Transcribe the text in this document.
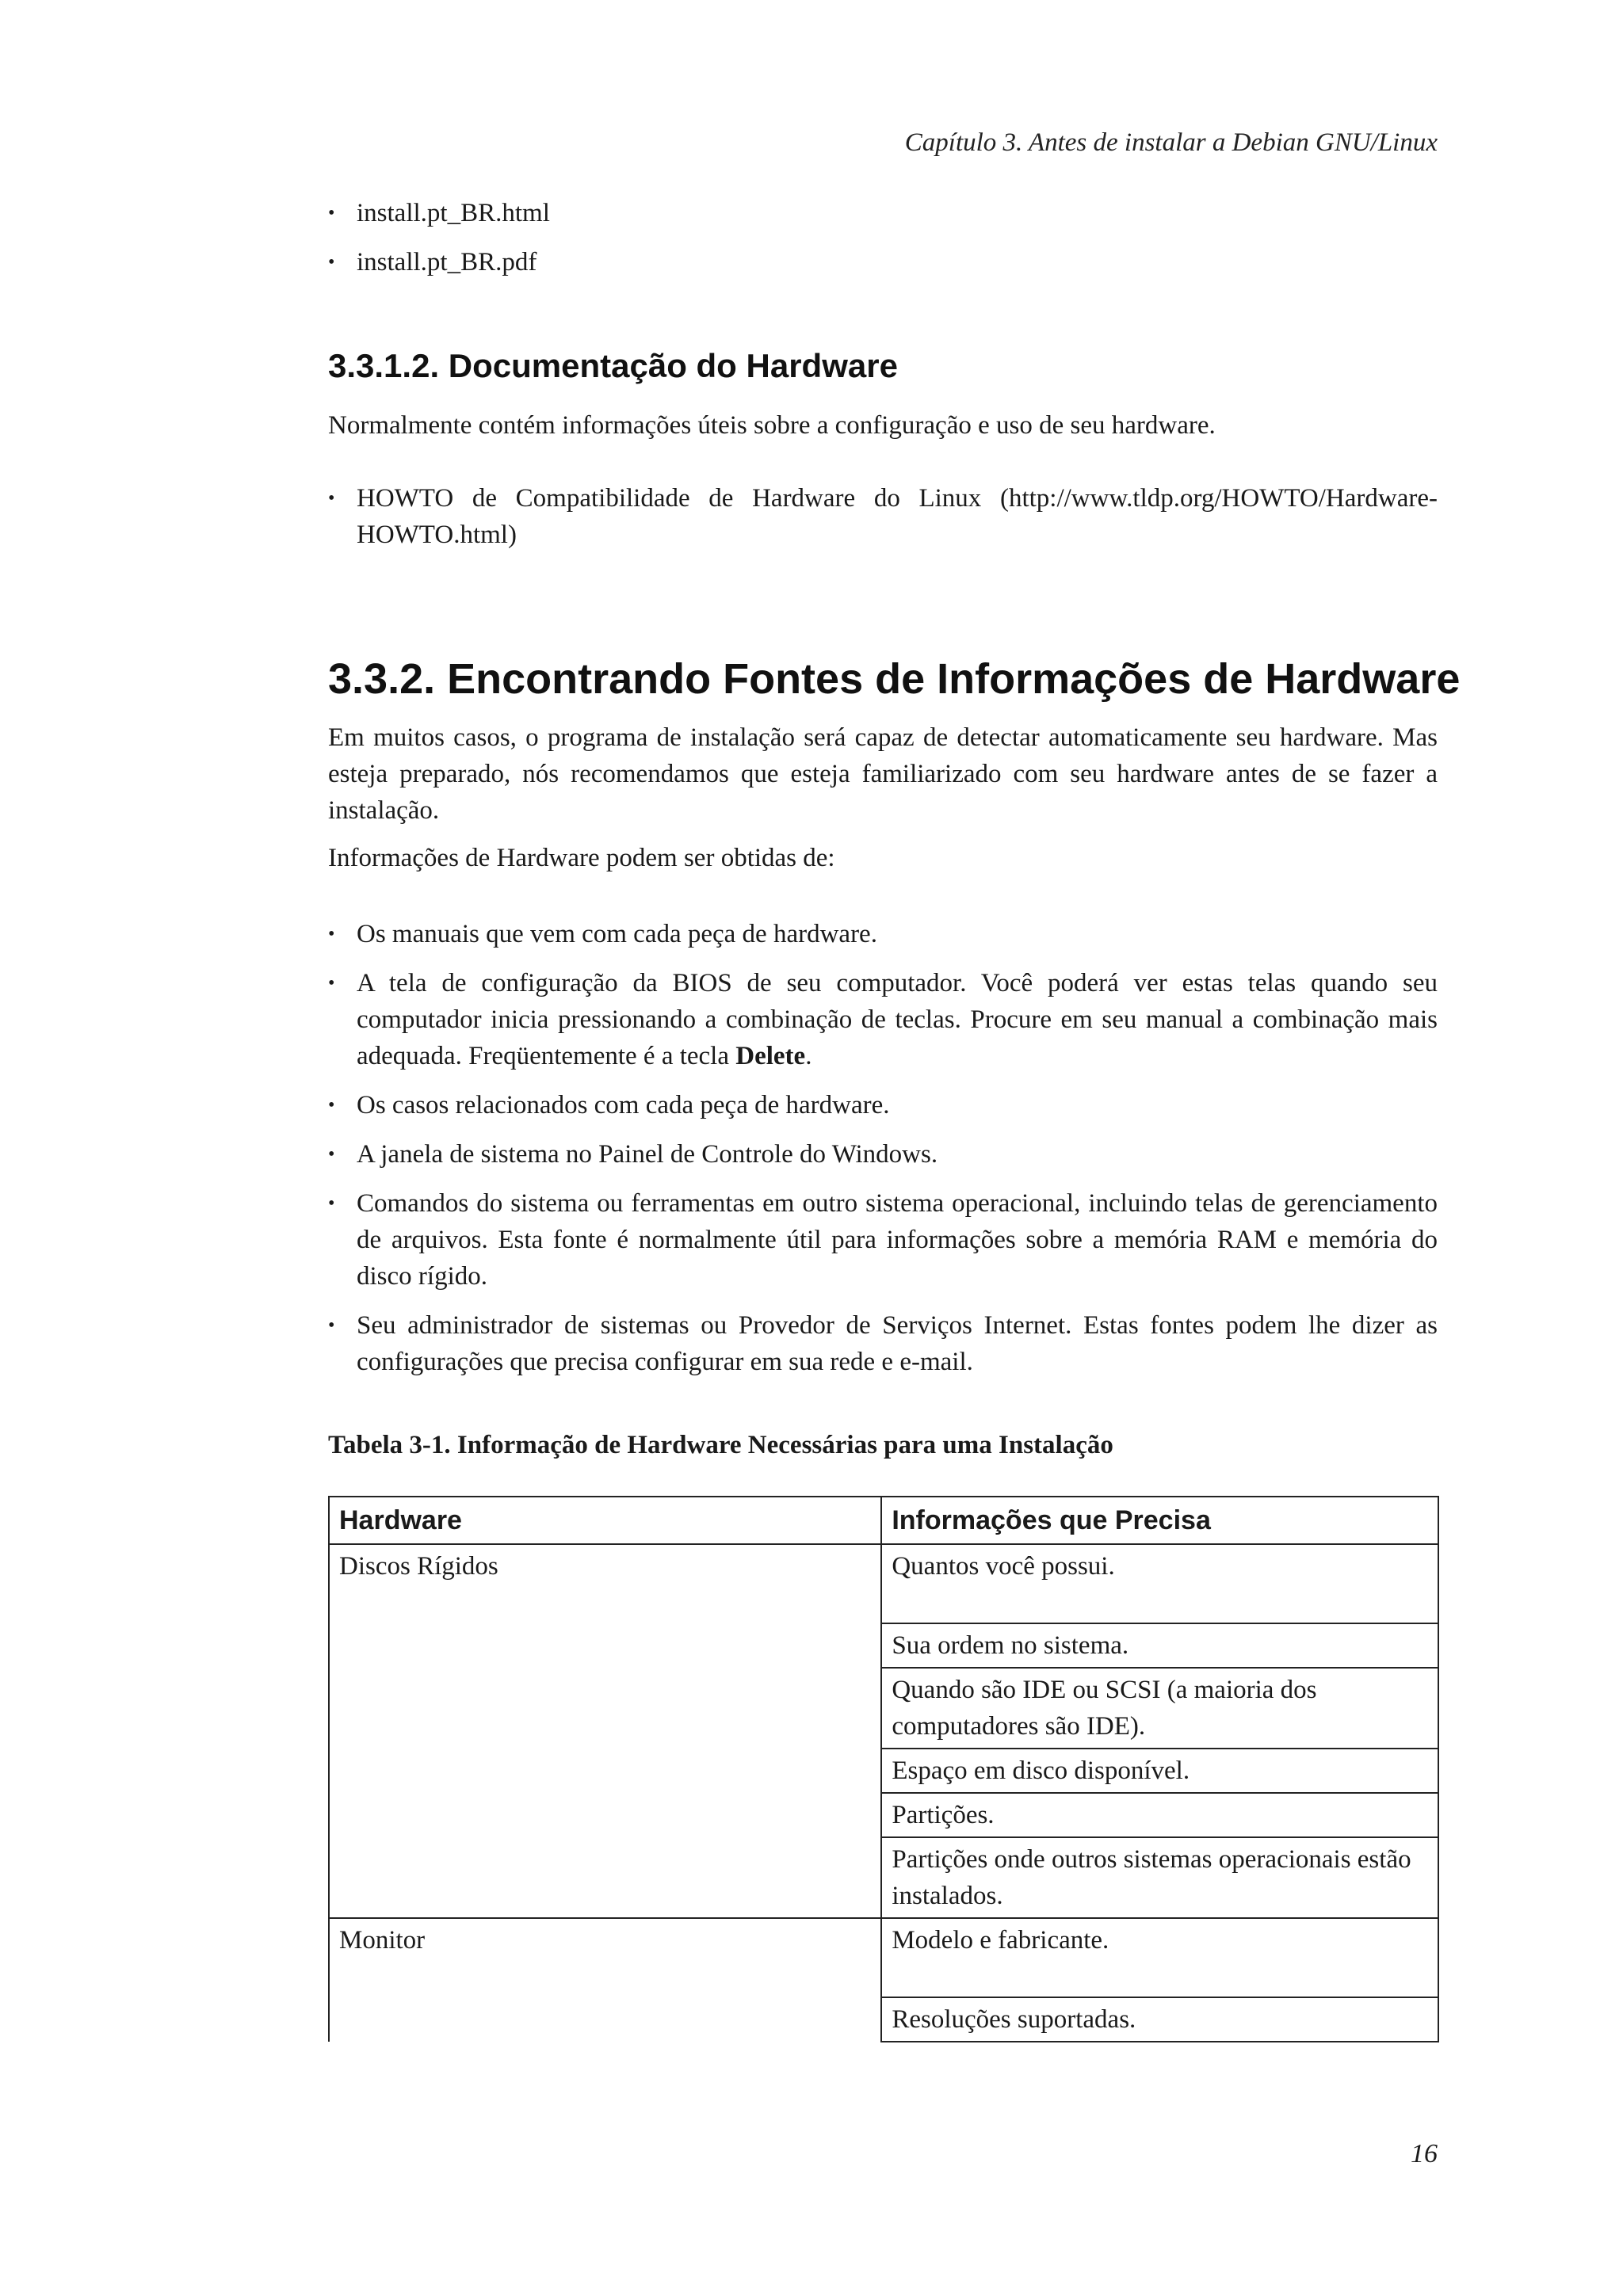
Capítulo 3. Antes de instalar a Debian GNU/Linux
• install.pt_BR.html
• install.pt_BR.pdf
3.3.1.2. Documentação do Hardware

Normalmente contém informações úteis sobre a configuração e uso de seu hardware.

• HOWTO de Compatibilidade de Hardware do Linux (http://www.tldp.org/HOWTO/Hardware-HOWTO.html)
3.3.2. Encontrando Fontes de Informações de Hardware

Em muitos casos, o programa de instalação será capaz de detectar automaticamente seu hardware. Mas esteja preparado, nós recomendamos que esteja familiarizado com seu hardware antes de se fazer a instalação.

Informações de Hardware podem ser obtidas de:

• Os manuais que vem com cada peça de hardware.
• A tela de configuração da BIOS de seu computador. Você poderá ver estas telas quando seu computador inicia pressionando a combinação de teclas. Procure em seu manual a combinação mais adequada. Freqüentemente é a tecla Delete.
• Os casos relacionados com cada peça de hardware.
• A janela de sistema no Painel de Controle do Windows.
• Comandos do sistema ou ferramentas em outro sistema operacional, incluindo telas de gerenciamento de arquivos. Esta fonte é normalmente útil para informações sobre a memória RAM e memória do disco rígido.
• Seu administrador de sistemas ou Provedor de Serviços Internet. Estas fontes podem lhe dizer as configurações que precisa configurar em sua rede e e-mail.

Tabela 3-1. Informação de Hardware Necessárias para uma Instalação

Hardware	Informações que Precisa
Discos Rígidos	Quantos você possui.
	Sua ordem no sistema.
	Quando são IDE ou SCSI (a maioria dos computadores são IDE).
	Espaço em disco disponível.
	Partições.
	Partições onde outros sistemas operacionais estão instalados.
Monitor	Modelo e fabricante.
	Resoluções suportadas.
16
